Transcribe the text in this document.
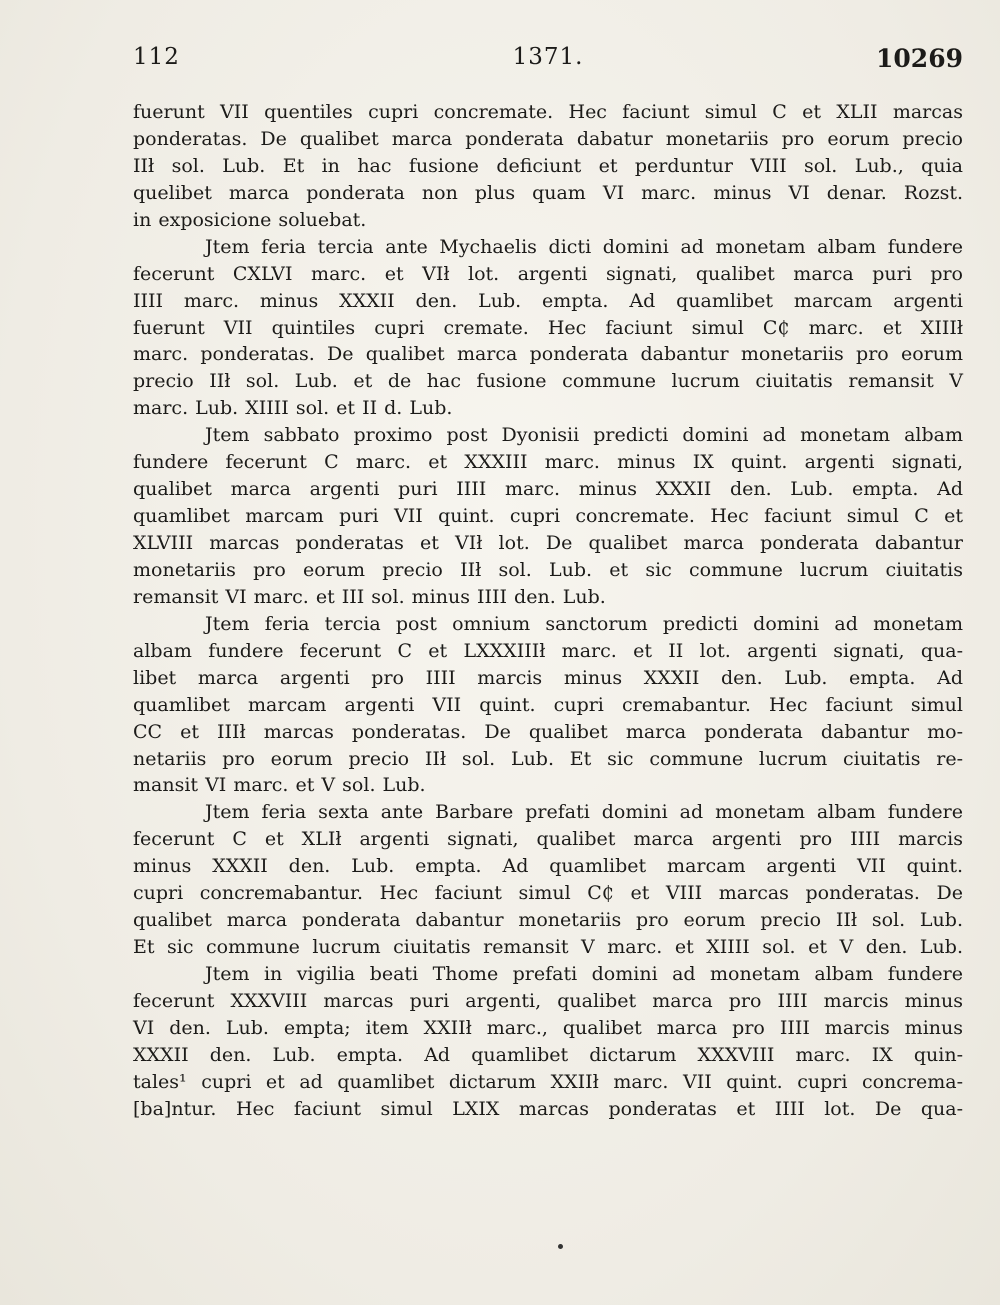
112	1371.	10269
fuerunt VII quentiles cupri concremate. Hec faciunt simul C et XLII marcas
ponderatas. De qualibet marca ponderata dabatur monetariis pro eorum precio
IIł sol. Lub. Et in hac fusione deficiunt et perduntur VIII sol. Lub., quia
quelibet marca ponderata non plus quam VI marc. minus VI denar. Rozst.
in exposicione soluebat.
Jtem feria tercia ante Mychaelis dicti domini ad monetam albam fundere
fecerunt CXLVI marc. et VIł lot. argenti signati, qualibet marca puri pro
IIII marc. minus XXXII den. Lub. empta. Ad quamlibet marcam argenti
fuerunt VII quintiles cupri cremate. Hec faciunt simul C₵ marc. et XIIIł
marc. ponderatas. De qualibet marca ponderata dabantur monetariis pro eorum
precio IIł sol. Lub. et de hac fusione commune lucrum ciuitatis remansit V
marc. Lub. XIIII sol. et II d. Lub.
Jtem sabbato proximo post Dyonisii predicti domini ad monetam albam
fundere fecerunt C marc. et XXXIII marc. minus IX quint. argenti signati,
qualibet marca argenti puri IIII marc. minus XXXII den. Lub. empta. Ad
quamlibet marcam puri VII quint. cupri concremate. Hec faciunt simul C et
XLVIII marcas ponderatas et VIł lot. De qualibet marca ponderata dabantur
monetariis pro eorum precio IIł sol. Lub. et sic commune lucrum ciuitatis
remansit VI marc. et III sol. minus IIII den. Lub.
Jtem feria tercia post omnium sanctorum predicti domini ad monetam
albam fundere fecerunt C et LXXXIIIł marc. et II lot. argenti signati, qua-
libet marca argenti pro IIII marcis minus XXXII den. Lub. empta. Ad
quamlibet marcam argenti VII quint. cupri cremabantur. Hec faciunt simul
CC et IIIł marcas ponderatas. De qualibet marca ponderata dabantur mo-
netariis pro eorum precio IIł sol. Lub. Et sic commune lucrum ciuitatis re-
mansit VI marc. et V sol. Lub.
Jtem feria sexta ante Barbare prefati domini ad monetam albam fundere
fecerunt C et XLIł argenti signati, qualibet marca argenti pro IIII marcis
minus XXXII den. Lub. empta. Ad quamlibet marcam argenti VII quint.
cupri concremabantur. Hec faciunt simul C₵ et VIII marcas ponderatas. De
qualibet marca ponderata dabantur monetariis pro eorum precio IIł sol. Lub.
Et sic commune lucrum ciuitatis remansit V marc. et XIIII sol. et V den. Lub.
Jtem in vigilia beati Thome prefati domini ad monetam albam fundere
fecerunt XXXVIII marcas puri argenti, qualibet marca pro IIII marcis minus
VI den. Lub. empta; item XXIIł marc., qualibet marca pro IIII marcis minus
XXXII den. Lub. empta. Ad quamlibet dictarum XXXVIII marc. IX quin-
tales¹ cupri et ad quamlibet dictarum XXIIł marc. VII quint. cupri concrema-
[ba]ntur. Hec faciunt simul LXIX marcas ponderatas et IIII lot. De qua-
